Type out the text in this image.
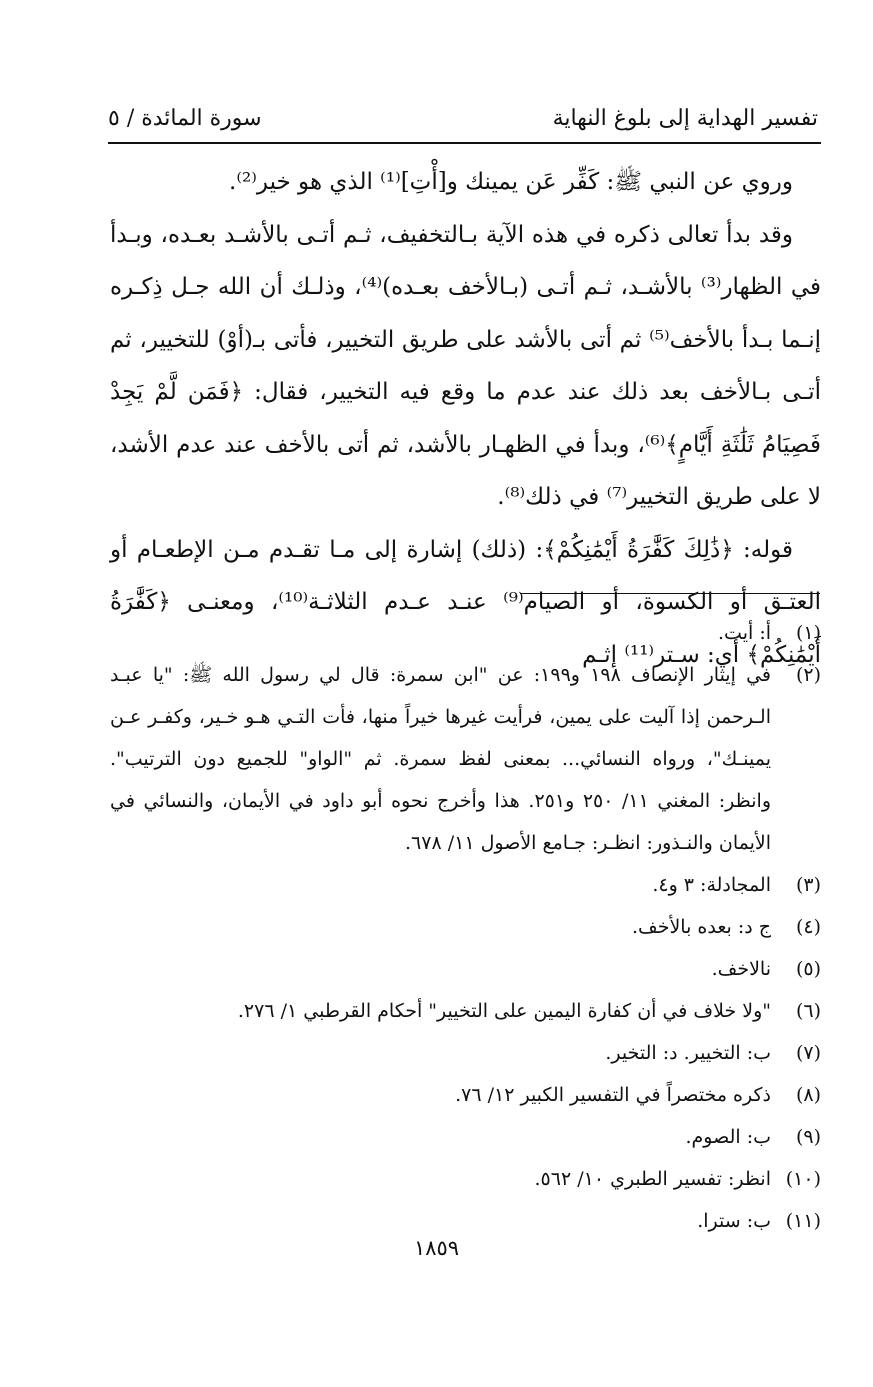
تفسير الهداية إلى بلوغ النهاية
سورة المائدة / ٥

وروي عن النبي ﷺ: كَفِّر عَن يمينك و[أْتِ]⁽¹⁾ الذي هو خير⁽²⁾.

وقد بدأ تعالى ذكره في هذه الآية بـالتخفيف، ثـم أتـى بالأشـد بعـده، وبـدأ في الظهار⁽³⁾ بالأشـد، ثـم أتـى (بـالأخف بعـده)⁽⁴⁾، وذلـك أن الله جـل ذِكـره إنـما بـدأ بالأخف⁽⁵⁾ ثم أتى بالأشد على طريق التخيير، فأتى بـ(أوْ) للتخيير، ثم أتـى بـالأخف بعد ذلك عند عدم ما وقع فيه التخيير، فقال: ﴿فَمَن لَّمْ يَجِدْ فَصِيَامُ ثَلَٰثَةِ أَيَّامٍ﴾⁽⁶⁾، وبدأ في الظهـار بالأشد، ثم أتى بالأخف عند عدم الأشد، لا على طريق التخيير⁽⁷⁾ في ذلك⁽⁸⁾.

قوله: ﴿ذَٰلِكَ كَفَّٰرَةُ أَيْمَٰنِكُمْ﴾: (ذلك) إشارة إلى مـا تقـدم مـن الإطعـام أو العتـق أو الكسوة، أو الصيام⁽⁹⁾ عنـد عـدم الثلاثـة⁽¹⁰⁾، ومعنـى ﴿كَفَّٰرَةُ أَيْمَٰنِكُمْ﴾ أي: سـتر⁽¹¹⁾ إثـم

(١)
أ: أيت.
(٢)
في إيثار الإنصاف ١٩٨ و١٩٩: عن "ابن سمرة: قال لي رسول الله ﷺ: "يا عبـد الـرحمن إذا آليت على يمين، فرأيت غيرها خيراً منها، فأت التـي هـو خـير، وكفـر عـن يمينـك"، ورواه النسائي... بمعنى لفظ سمرة. ثم "الواو" للجميع دون الترتيب". وانظر: المغني ١١/ ٢٥٠ و٢٥١. هذا وأخرج نحوه أبو داود في الأيمان، والنسائي في الأيمان والنـذور: انظـر: جـامع الأصول ١١/ ٦٧٨.
(٣)
المجادلة: ٣ و٤.
(٤)
ج د: بعده بالأخف.
(٥)
نالاخف.
(٦)
"ولا خلاف في أن كفارة اليمين على التخيير" أحكام القرطبي ١/ ٢٧٦.
(٧)
ب: التخيير. د: التخير.
(٨)
ذكره مختصراً في التفسير الكبير ١٢/ ٧٦.
(٩)
ب: الصوم.
(١٠)
انظر: تفسير الطبري ١٠/ ٥٦٢.
(١١)
ب: سترا.
١٨٥٩
